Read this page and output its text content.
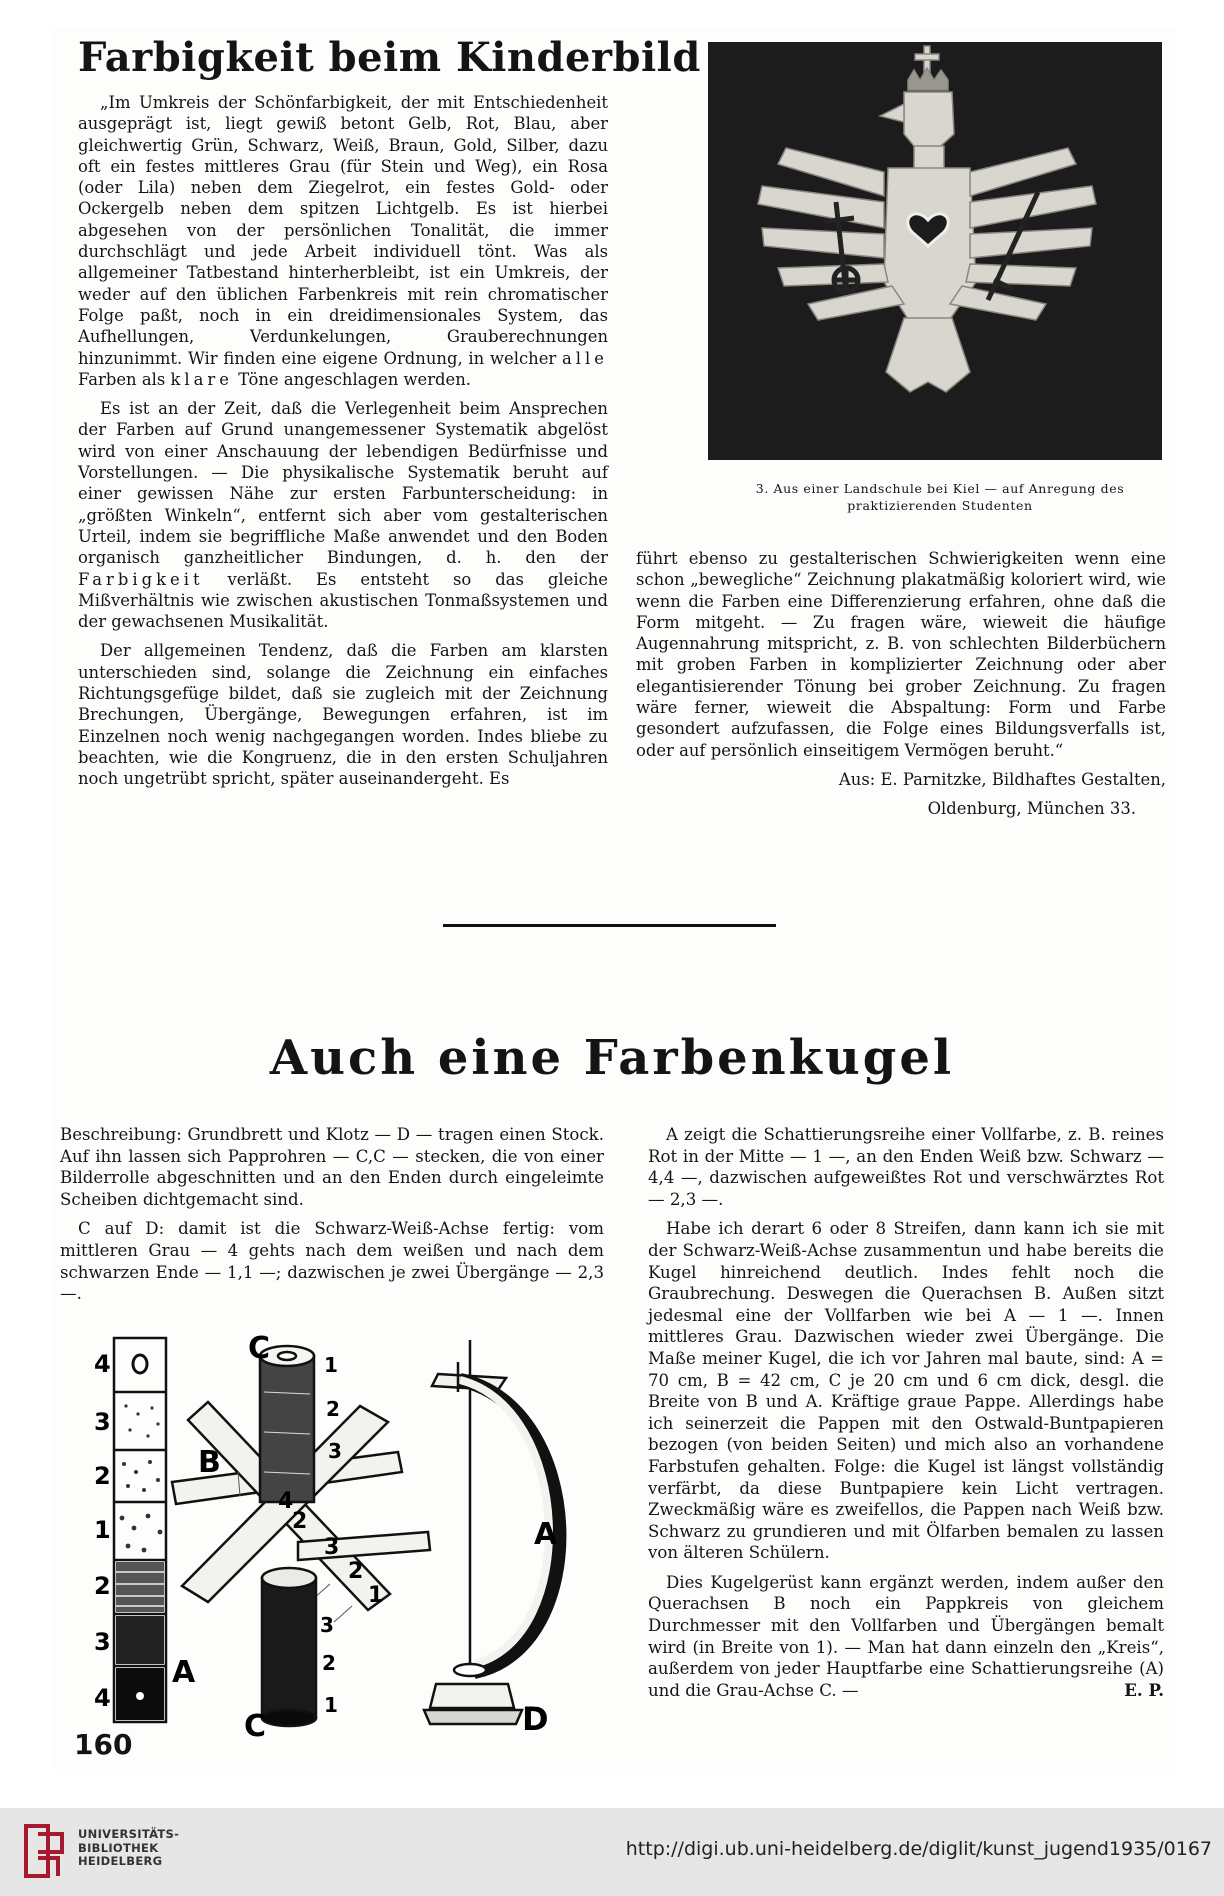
Farbigkeit beim Kinderbild

„Im Umkreis der Schönfarbigkeit, der mit Entschiedenheit ausgeprägt ist, liegt gewiß betont Gelb, Rot, Blau, aber gleichwertig Grün, Schwarz, Weiß, Braun, Gold, Silber, dazu oft ein festes mittleres Grau (für Stein und Weg), ein Rosa (oder Lila) neben dem Ziegelrot, ein festes Gold- oder Ockergelb neben dem spitzen Lichtgelb. Es ist hierbei abgesehen von der persönlichen Tonalität, die immer durchschlägt und jede Arbeit individuell tönt. Was als allgemeiner Tatbestand hinterherbleibt, ist ein Umkreis, der weder auf den üblichen Farbenkreis mit rein chromatischer Folge paßt, noch in ein dreidimensionales System, das Aufhellungen, Verdunkelungen, Grauberechnungen hinzunimmt. Wir finden eine eigene Ordnung, in welcher alle Farben als klare Töne angeschlagen werden.

Es ist an der Zeit, daß die Verlegenheit beim Ansprechen der Farben auf Grund unangemessener Systematik abgelöst wird von einer Anschauung der lebendigen Bedürfnisse und Vorstellungen. — Die physikalische Systematik beruht auf einer gewissen Nähe zur ersten Farbunterscheidung: in „größten Winkeln“, entfernt sich aber vom gestalterischen Urteil, indem sie begriffliche Maße anwendet und den Boden organisch ganzheitlicher Bindungen, d. h. den der Farbigkeit verläßt. Es entsteht so das gleiche Mißverhältnis wie zwischen akustischen Tonmaßsystemen und der gewachsenen Musikalität.

Der allgemeinen Tendenz, daß die Farben am klarsten unterschieden sind, solange die Zeichnung ein einfaches Richtungsgefüge bildet, daß sie zugleich mit der Zeichnung Brechungen, Übergänge, Bewegungen erfahren, ist im Einzelnen noch wenig nachgegangen worden. Indes bliebe zu beachten, wie die Kongruenz, die in den ersten Schuljahren noch ungetrübt spricht, später auseinandergeht. Es

3. Aus einer Landschule bei Kiel — auf Anregung des praktizierenden Studenten

führt ebenso zu gestalterischen Schwierigkeiten wenn eine schon „bewegliche“ Zeichnung plakatmäßig koloriert wird, wie wenn die Farben eine Differenzierung erfahren, ohne daß die Form mitgeht. — Zu fragen wäre, wieweit die häufige Augennahrung mitspricht, z. B. von schlechten Bilderbüchern mit groben Farben in komplizierter Zeichnung oder aber elegantisierender Tönung bei grober Zeichnung. Zu fragen wäre ferner, wieweit die Abspaltung: Form und Farbe gesondert aufzufassen, die Folge eines Bildungsverfalls ist, oder auf persönlich einseitigem Vermögen beruht.“

Aus: E. Parnitzke, Bildhaftes Gestalten,

Oldenburg, München 33.

Auch eine Farbenkugel

Beschreibung: Grundbrett und Klotz — D — tragen einen Stock. Auf ihn lassen sich Papprohren — C,C — stecken, die von einer Bilderrolle abgeschnitten und an den Enden durch eingeleimte Scheiben dichtgemacht sind.

C auf D: damit ist die Schwarz-Weiß-Achse fertig: vom mittleren Grau — 4 gehts nach dem weißen und nach dem schwarzen Ende — 1,1 —; dazwischen je zwei Übergänge — 2,3 —.

A zeigt die Schattierungsreihe einer Vollfarbe, z. B. reines Rot in der Mitte — 1 —, an den Enden Weiß bzw. Schwarz — 4,4 —, dazwischen aufgeweißtes Rot und verschwärztes Rot — 2,3 —.

Habe ich derart 6 oder 8 Streifen, dann kann ich sie mit der Schwarz-Weiß-Achse zusammentun und habe bereits die Kugel hinreichend deutlich. Indes fehlt noch die Graubrechung. Deswegen die Querachsen B. Außen sitzt jedesmal eine der Vollfarben wie bei A — 1 —. Innen mittleres Grau. Dazwischen wieder zwei Übergänge. Die Maße meiner Kugel, die ich vor Jahren mal baute, sind: A = 70 cm, B = 42 cm, C je 20 cm und 6 cm dick, desgl. die Breite von B und A. Kräftige graue Pappe. Allerdings habe ich seinerzeit die Pappen mit den Ostwald-Buntpapieren bezogen (von beiden Seiten) und mich also an vorhandene Farbstufen gehalten. Folge: die Kugel ist längst vollständig verfärbt, da diese Buntpapiere kein Licht vertragen. Zweckmäßig wäre es zweifellos, die Pappen nach Weiß bzw. Schwarz zu grundieren und mit Ölfarben bemalen zu lassen von älteren Schülern.

Dies Kugelgerüst kann ergänzt werden, indem außer den Querachsen B noch ein Pappkreis von gleichem Durchmesser mit den Vollfarben und Übergängen bemalt wird (in Breite von 1). — Man hat dann einzeln den „Kreis“, außerdem von jeder Hauptfarbe eine Schattierungsreihe (A) und die Grau-Achse C. —	E. P.

4
3
2
1
2
3
4
A
C	1
2
3
B
2
3
2
1
4
3
2
1
C
A
D

160

UNIVERSITÄTS-
BIBLIOTHEK
HEIDELBERG
http://digi.ub.uni-heidelberg.de/diglit/kunst_jugend1935/0167
